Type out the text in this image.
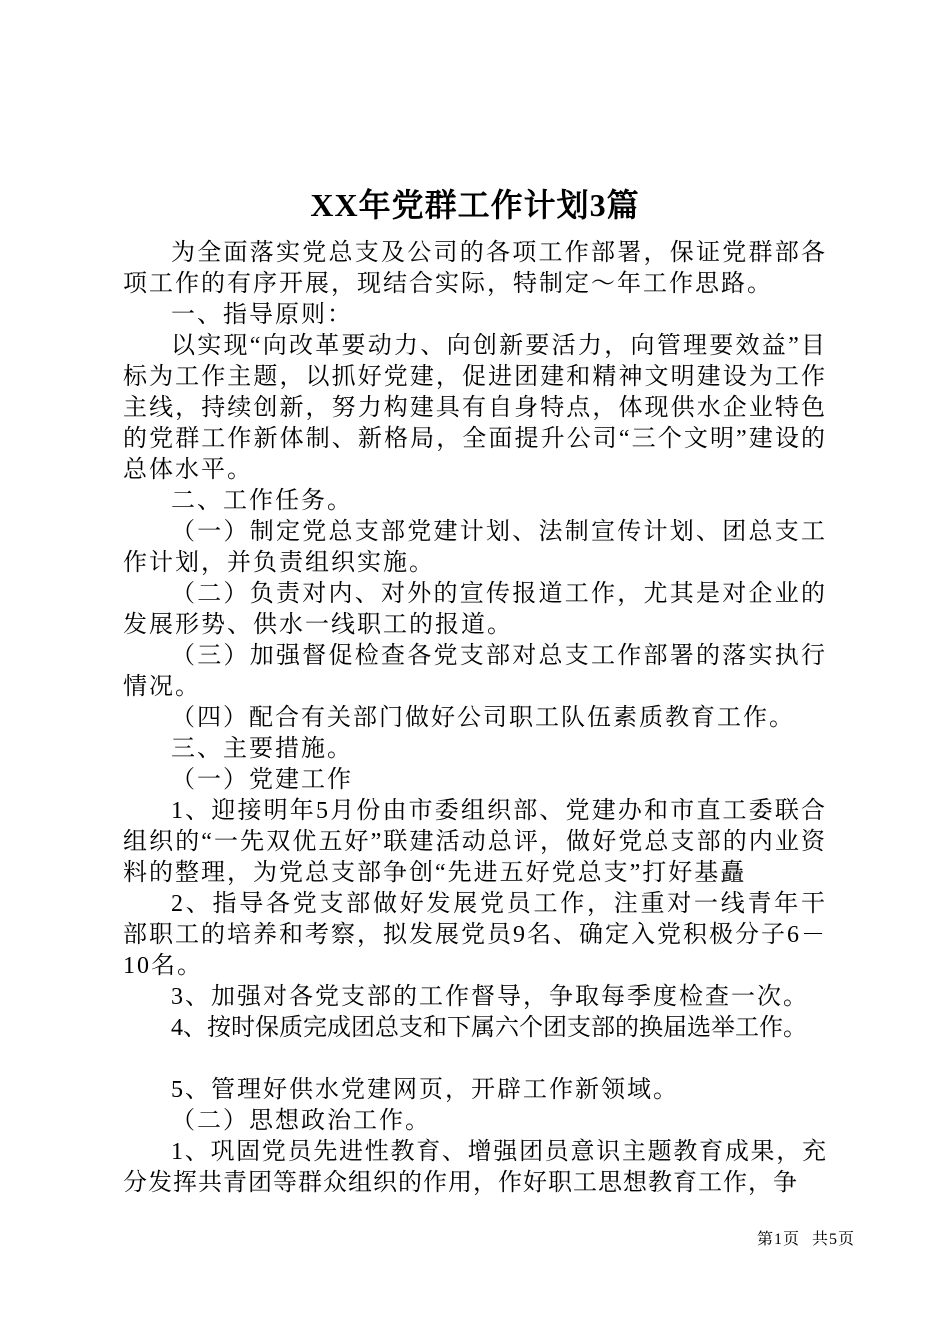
XX年党群工作计划3篇

为全面落实党总支及公司的各项工作部署，保证党群部各项工作的有序开展，现结合实际，特制定～年工作思路。

一、指导原则：

以实现“向改革要动力、向创新要活力，向管理要效益”目标为工作主题，以抓好党建，促进团建和精神文明建设为工作主线，持续创新，努力构建具有自身特点，体现供水企业特色的党群工作新体制、新格局，全面提升公司“三个文明”建设的总体水平。

二、工作任务。

（一）制定党总支部党建计划、法制宣传计划、团总支工作计划，并负责组织实施。

（二）负责对内、对外的宣传报道工作，尤其是对企业的发展形势、供水一线职工的报道。

（三）加强督促检查各党支部对总支工作部署的落实执行情况。

（四）配合有关部门做好公司职工队伍素质教育工作。

三、主要措施。

（一）党建工作

1、迎接明年5月份由市委组织部、党建办和市直工委联合组织的“一先双优五好”联建活动总评，做好党总支部的内业资料的整理，为党总支部争创“先进五好党总支”打好基矗

2、指导各党支部做好发展党员工作，注重对一线青年干部职工的培养和考察，拟发展党员9名、确定入党积极分子6－10名。

3、加强对各党支部的工作督导，争取每季度检查一次。

4、按时保质完成团总支和下属六个团支部的换届选举工作。

5、管理好供水党建网页，开辟工作新领域。

（二）思想政治工作。

1、巩固党员先进性教育、增强团员意识主题教育成果，充分发挥共青团等群众组织的作用，作好职工思想教育工作，争

第1页 共5页
